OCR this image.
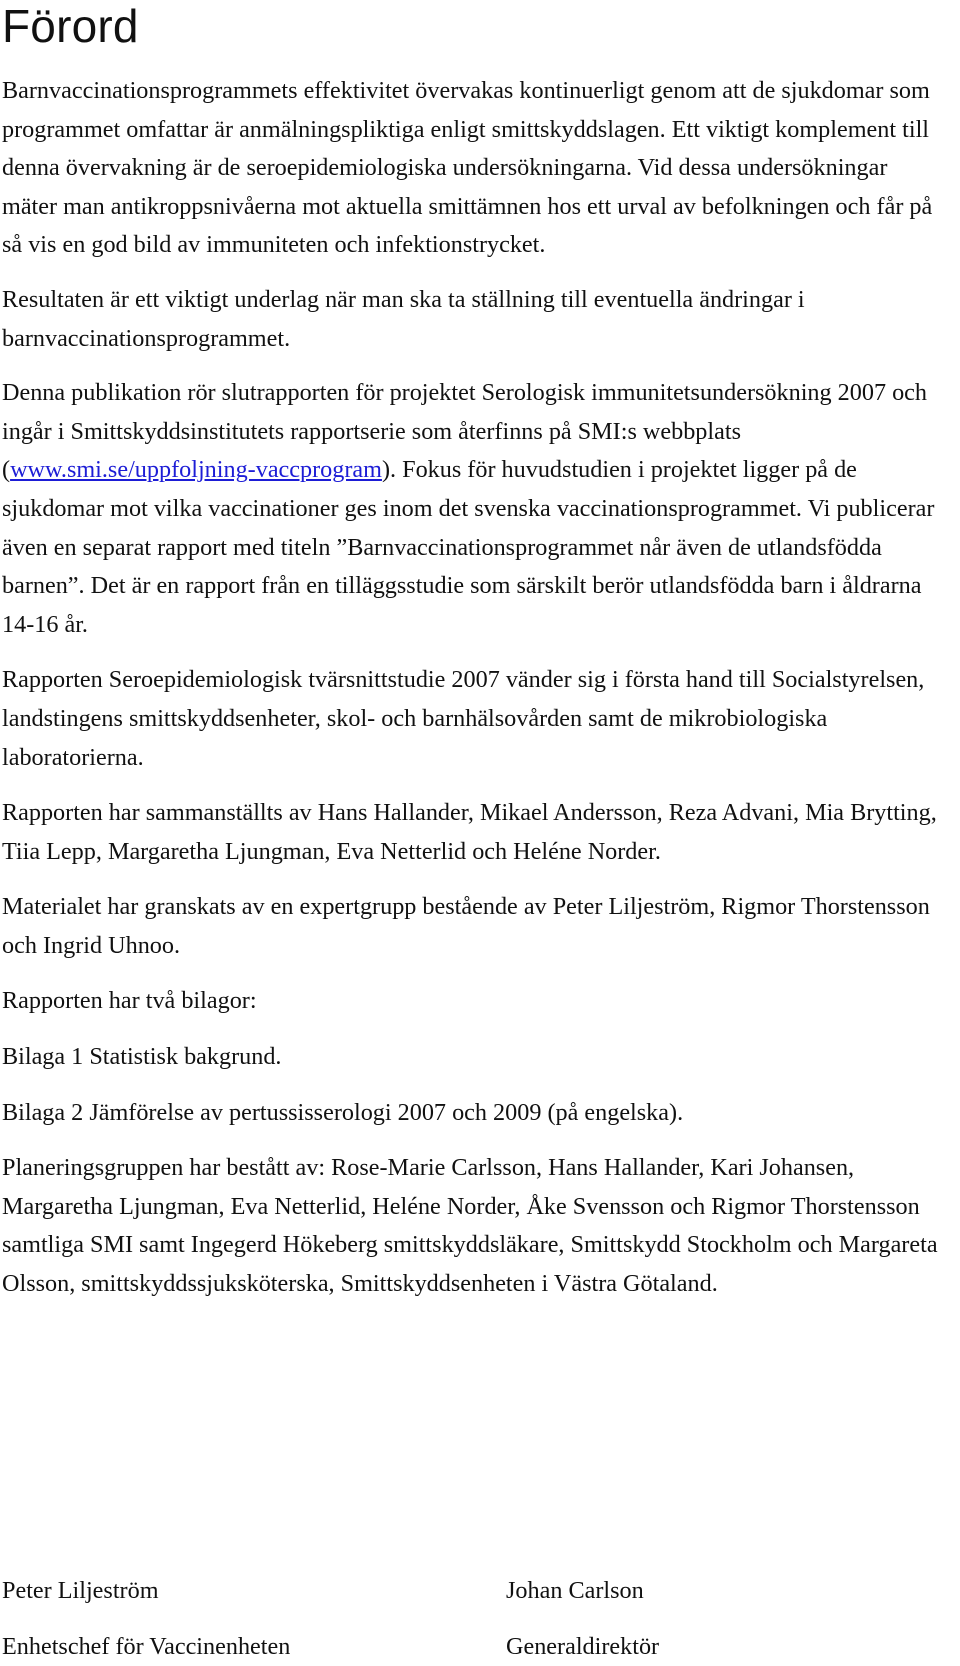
Förord

Barnvaccinationsprogrammets effektivitet övervakas kontinuerligt genom att de sjukdomar som programmet omfattar är anmälningspliktiga enligt smittskyddslagen. Ett viktigt komplement till denna övervakning är de seroepidemiologiska undersökningarna. Vid dessa undersökningar mäter man antikroppsnivåerna mot aktuella smittämnen hos ett urval av befolkningen och får på så vis en god bild av immuniteten och infektionstrycket.

Resultaten är ett viktigt underlag när man ska ta ställning till eventuella ändringar i barnvaccinationsprogrammet.

Denna publikation rör slutrapporten för projektet Serologisk immunitetsundersökning 2007 och ingår i Smittskyddsinstitutets rapportserie som återfinns på SMI:s webbplats (www.smi.se/uppfoljning-vaccprogram). Fokus för huvudstudien i projektet ligger på de sjukdomar mot vilka vaccinationer ges inom det svenska vaccinationsprogrammet. Vi publicerar även en separat rapport med titeln ”Barnvaccinationsprogrammet når även de utlandsfödda barnen”. Det är en rapport från en tilläggsstudie som särskilt berör utlandsfödda barn i åldrarna 14-16 år.

Rapporten Seroepidemiologisk tvärsnittstudie 2007 vänder sig i första hand till Socialstyrelsen, landstingens smittskyddsenheter, skol- och barnhälsovården samt de mikrobiologiska laboratorierna.

Rapporten har sammanställts av Hans Hallander, Mikael Andersson, Reza Advani, Mia Brytting, Tiia Lepp, Margaretha Ljungman, Eva Netterlid och Heléne Norder.

Materialet har granskats av en expertgrupp bestående av Peter Liljeström, Rigmor Thorstensson och Ingrid Uhnoo.

Rapporten har två bilagor:

Bilaga 1 Statistisk bakgrund.

Bilaga 2 Jämförelse av pertussisserologi 2007 och 2009 (på engelska).

Planeringsgruppen har bestått av: Rose-Marie Carlsson, Hans Hallander, Kari Johansen, Margaretha Ljungman, Eva Netterlid, Heléne Norder, Åke Svensson och Rigmor Thorstensson samtliga SMI samt Ingegerd Hökeberg smittskyddsläkare, Smittskydd Stockholm och Margareta Olsson, smittskyddssjuksköterska, Smittskyddsenheten i Västra Götaland.

Peter Liljeström
Enhetschef för Vaccinenheten
Johan Carlson
Generaldirektör
